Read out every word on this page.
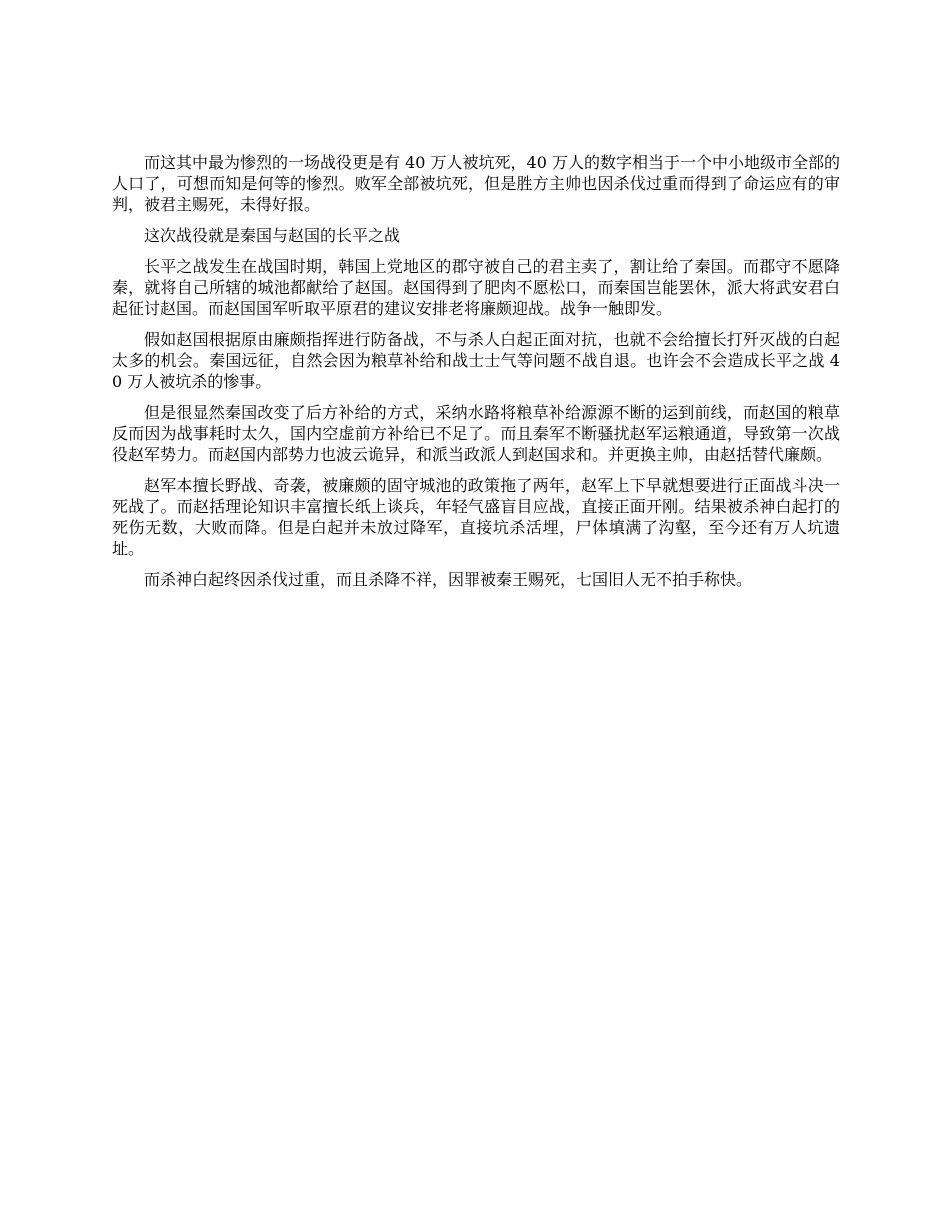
而这其中最为惨烈的一场战役更是有 40 万人被坑死，40 万人的数字相当于一个中小地级市全部的人口了，可想而知是何等的惨烈。败军全部被坑死，但是胜方主帅也因杀伐过重而得到了命运应有的审判，被君主赐死，未得好报。

这次战役就是秦国与赵国的长平之战

长平之战发生在战国时期，韩国上党地区的郡守被自己的君主卖了，割让给了秦国。而郡守不愿降秦，就将自己所辖的城池都献给了赵国。赵国得到了肥肉不愿松口，而秦国岂能罢休，派大将武安君白起征讨赵国。而赵国国军听取平原君的建议安排老将廉颇迎战。战争一触即发。

假如赵国根据原由廉颇指挥进行防备战，不与杀人白起正面对抗，也就不会给擅长打歼灭战的白起太多的机会。秦国远征，自然会因为粮草补给和战士士气等问题不战自退。也许会不会造成长平之战 40 万人被坑杀的惨事。

但是很显然秦国改变了后方补给的方式，采纳水路将粮草补给源源不断的运到前线，而赵国的粮草反而因为战事耗时太久，国内空虚前方补给已不足了。而且秦军不断骚扰赵军运粮通道，导致第一次战役赵军势力。而赵国内部势力也波云诡异，和派当政派人到赵国求和。并更换主帅，由赵括替代廉颇。

赵军本擅长野战、奇袭，被廉颇的固守城池的政策拖了两年，赵军上下早就想要进行正面战斗决一死战了。而赵括理论知识丰富擅长纸上谈兵，年轻气盛盲目应战，直接正面开刚。结果被杀神白起打的死伤无数，大败而降。但是白起并未放过降军，直接坑杀活埋，尸体填满了沟壑，至今还有万人坑遗址。

而杀神白起终因杀伐过重，而且杀降不祥，因罪被秦王赐死，七国旧人无不拍手称快。
